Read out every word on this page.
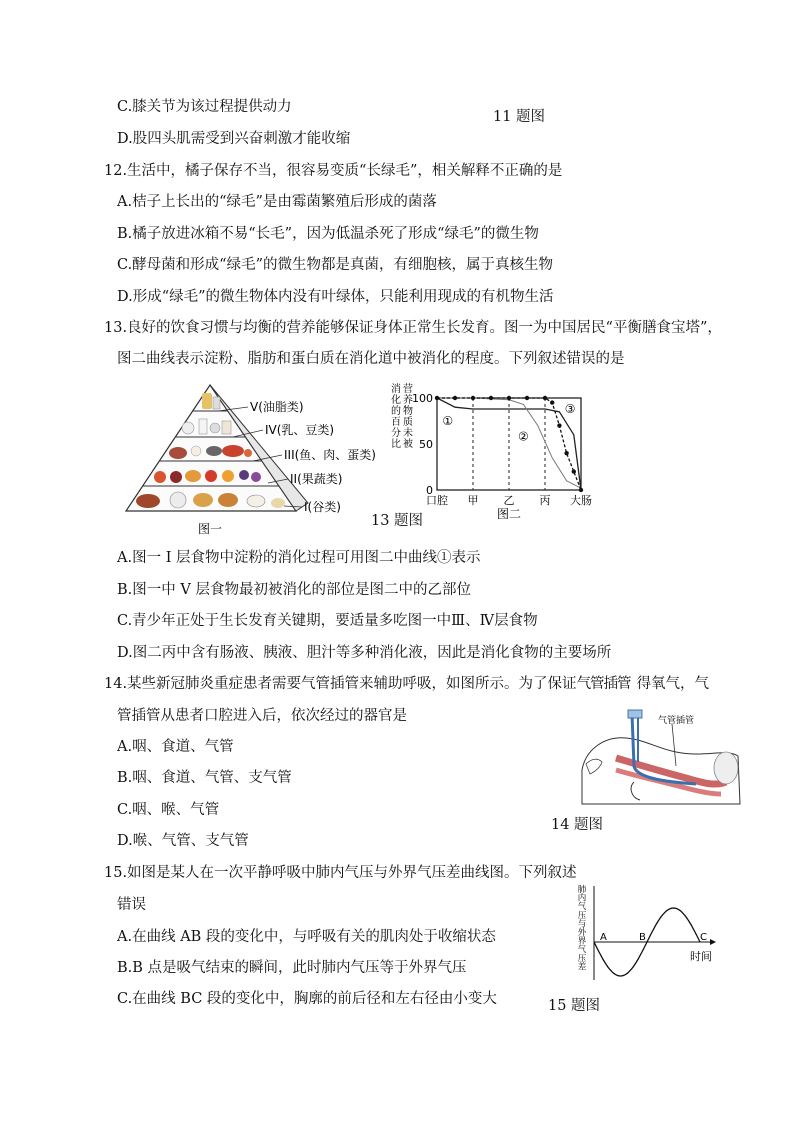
C.膝关节为该过程提供动力
11 题图
D.股四头肌需受到兴奋刺激才能收缩
12.生活中，橘子保存不当，很容易变质“长绿毛”，相关解释不正确的是
A.桔子上长出的“绿毛”是由霉菌繁殖后形成的菌落
B.橘子放进冰箱不易“长毛”，因为低温杀死了形成“绿毛”的微生物
C.酵母菌和形成“绿毛”的微生物都是真菌，有细胞核，属于真核生物
D.形成“绿毛”的微生物体内没有叶绿体，只能利用现成的有机物生活
13.良好的饮食习惯与均衡的营养能够保证身体正常生长发育。图一为中国居民“平衡膳食宝塔”，
图二曲线表示淀粉、脂肪和蛋白质在消化道中被消化的程度。下列叙述错误的是
V(油脂类)
IV(乳、豆类)
III(鱼、肉、蛋类)
II(果蔬类)
I(谷类)
图一	13 题图
营
养
物
质
未
被
消
化
的
百
分
比
0
50
100
口腔 甲 乙 丙 大肠
①
②
③
图二
A.图一 I 层食物中淀粉的消化过程可用图二中曲线①表示
B.图一中 V 层食物最初被消化的部位是图二中的乙部位
C.青少年正处于生长发育关键期，要适量多吃图一中Ⅲ、Ⅳ层食物
D.图二丙中含有肠液、胰液、胆汁等多种消化液，因此是消化食物的主要场所
14.某些新冠肺炎重症患者需要气管插管来辅助呼吸，如图所示。为了保证气管插管 得氧气，气
管插管从患者口腔进入后，依次经过的器官是
A.咽、食道、气管
B.咽、食道、气管、支气管
C.咽、喉、气管
D.喉、气管、支气管
气管插管
14 题图
15.如图是某人在一次平静呼吸中肺内气压与外界气压差曲线图。下列叙述
错误
A.在曲线 AB 段的变化中，与呼吸有关的肌肉处于收缩状态
B.B 点是吸气结束的瞬间，此时肺内气压等于外界气压
C.在曲线 BC 段的变化中，胸廓的前后径和左右径由小变大	15 题图
肺
内
气
压
与
外
界
气
压
差
A	B	C
时间
